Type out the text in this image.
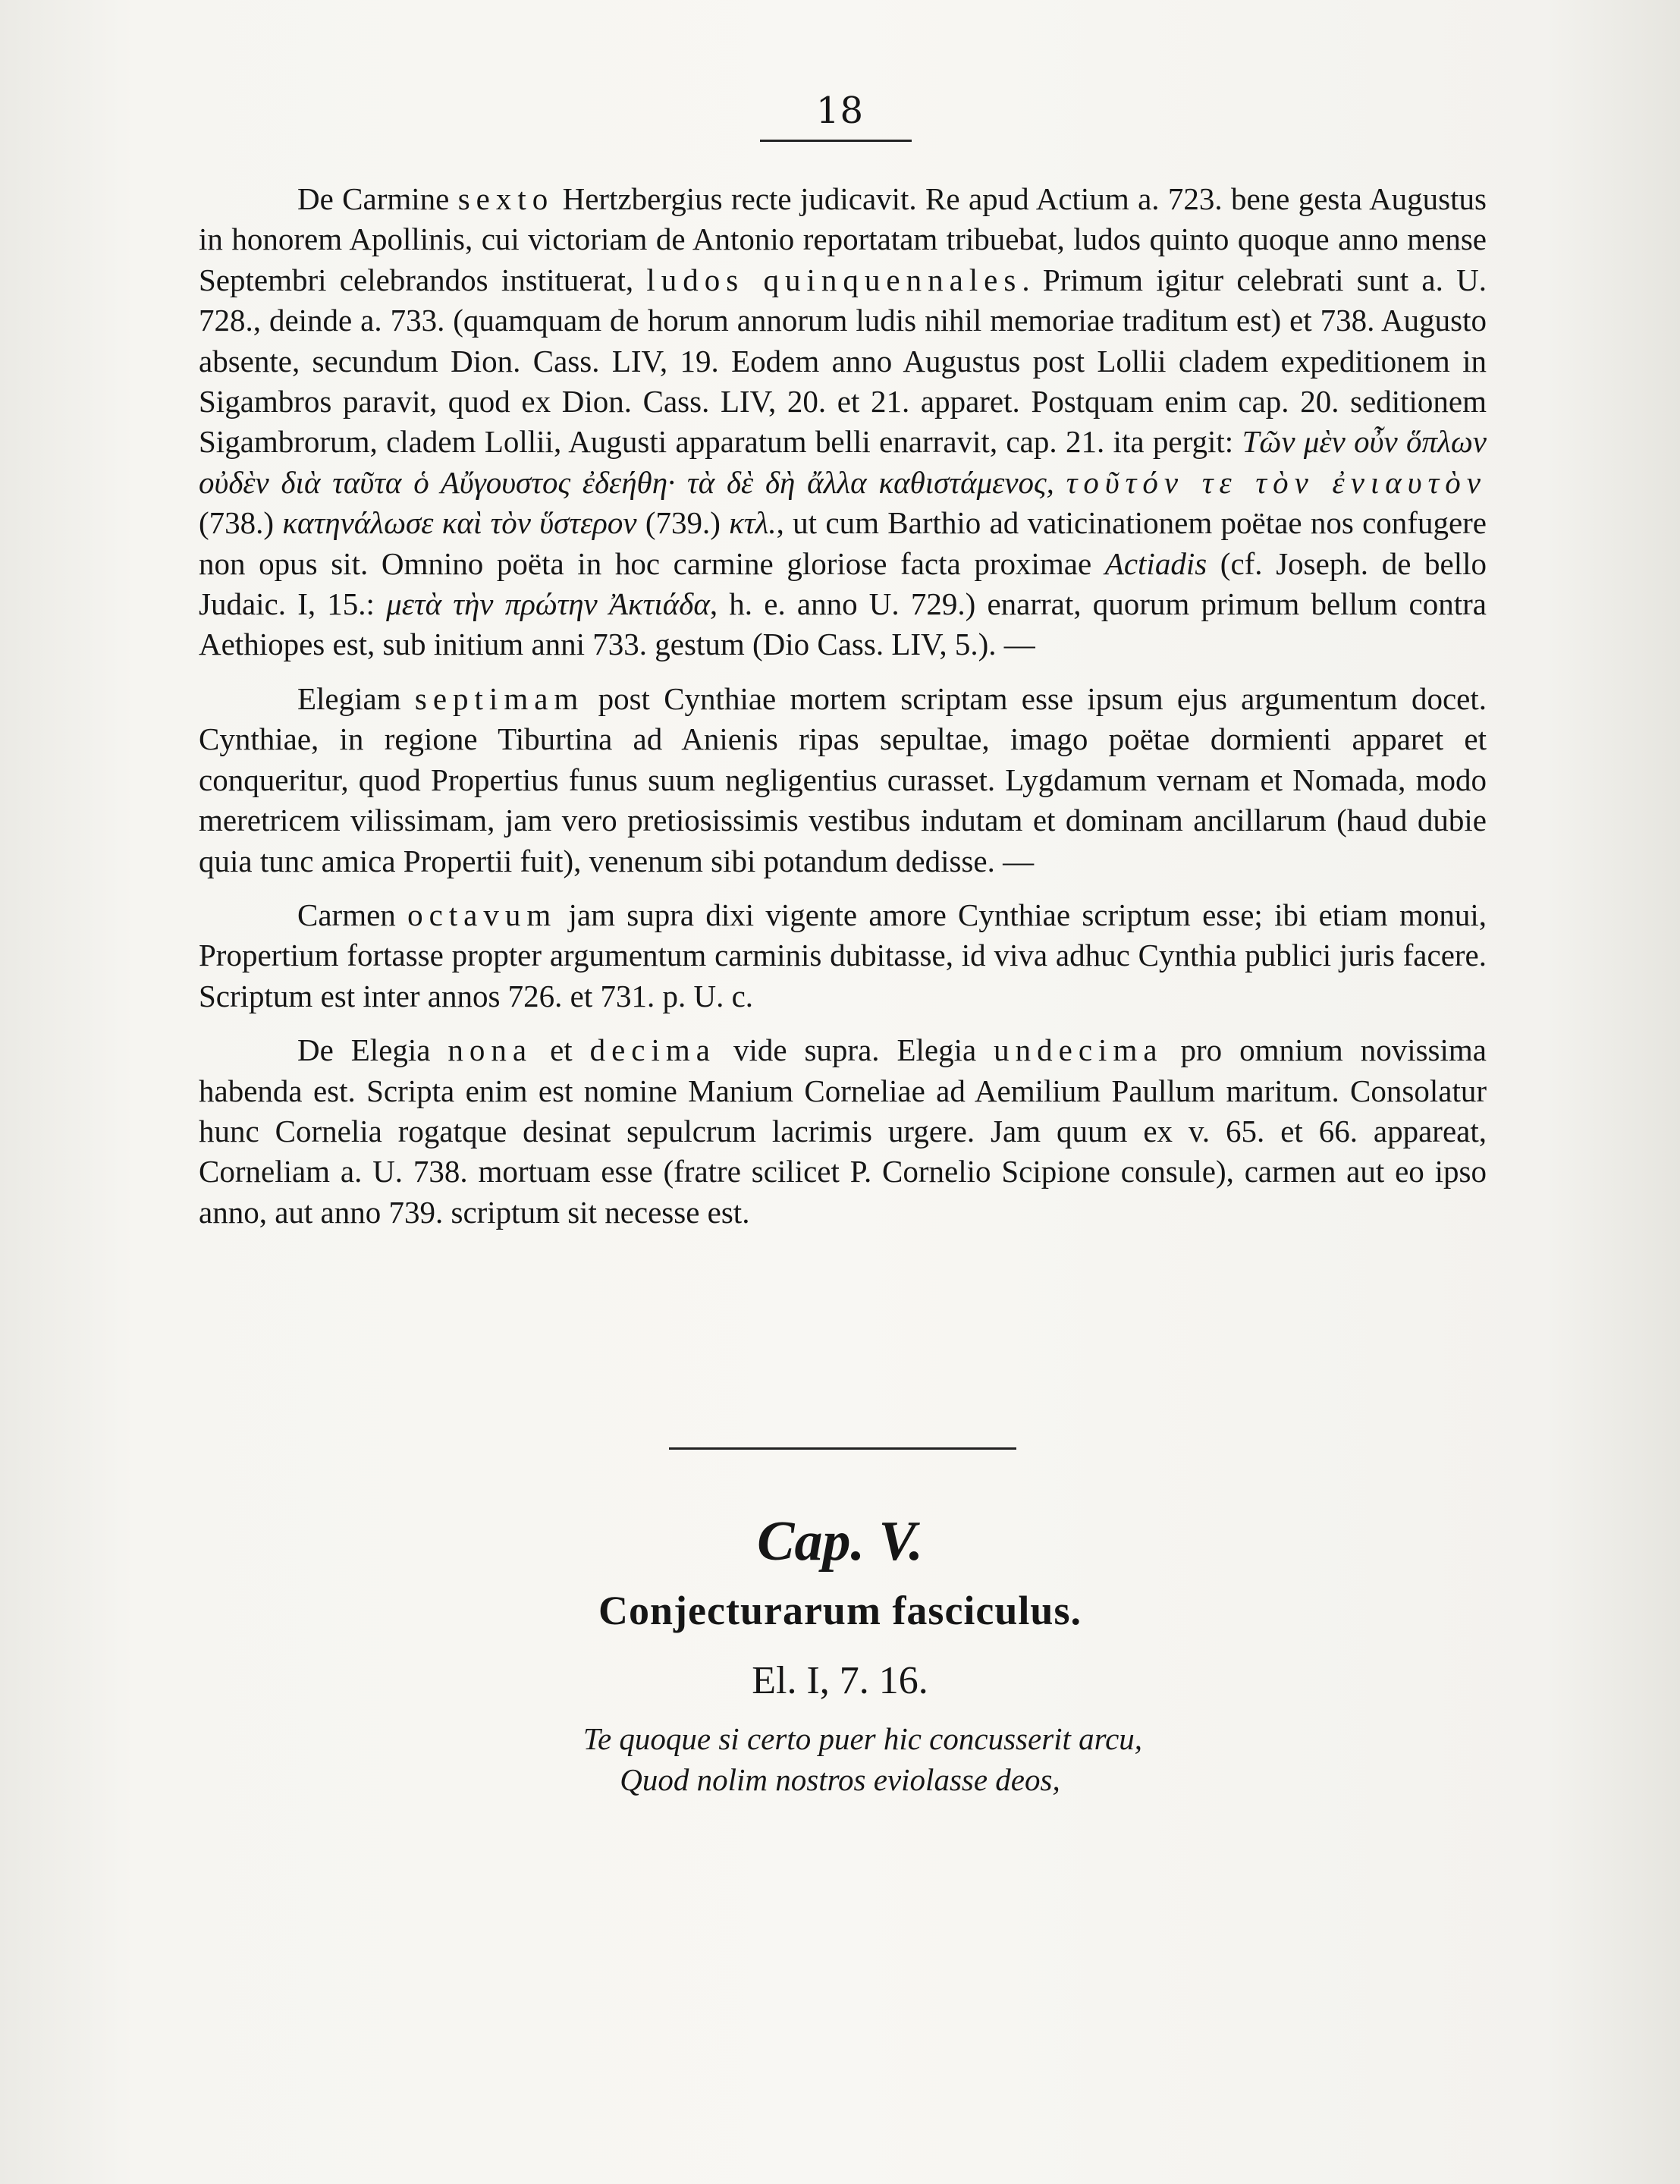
18

De Carmine sexto Hertzbergius recte judicavit. Re apud Actium a. 723. bene gesta Augustus in honorem Apollinis, cui victoriam de Antonio reportatam tribuebat, ludos quinto quoque anno mense Septembri celebrandos instituerat, ludos quinquennales. Primum igitur celebrati sunt a. U. 728., deinde a. 733. (quamquam de horum annorum ludis nihil memoriae traditum est) et 738. Augusto absente, secundum Dion. Cass. LIV, 19. Eodem anno Augustus post Lollii cladem expeditionem in Sigambros paravit, quod ex Dion. Cass. LIV, 20. et 21. apparet. Postquam enim cap. 20. seditionem Sigambrorum, cladem Lollii, Augusti apparatum belli enarravit, cap. 21. ita pergit: Τῶν μὲν οὖν ὅπλων οὐδὲν διὰ ταῦτα ὁ Αὔγουστος ἐδεήθη· τὰ δὲ δὴ ἄλλα καθιστάμενος, τοῦτόν τε τὸν ἐνιαυτὸν (738.) κατηνάλωσε καὶ τὸν ὕστερον (739.) κτλ., ut cum Barthio ad vaticinationem poëtae nos confugere non opus sit. Omnino poëta in hoc carmine gloriose facta proximae Actiadis (cf. Joseph. de bello Judaic. I, 15.: μετὰ τὴν πρώτην Ἀκτιάδα, h. e. anno U. 729.) enarrat, quorum primum bellum contra Aethiopes est, sub initium anni 733. gestum (Dio Cass. LIV, 5.). —

Elegiam septimam post Cynthiae mortem scriptam esse ipsum ejus argumentum docet. Cynthiae, in regione Tiburtina ad Anienis ripas sepultae, imago poëtae dormienti apparet et conqueritur, quod Propertius funus suum negligentius curasset. Lygdamum vernam et Nomada, modo meretricem vilissimam, jam vero pretiosissimis vestibus indutam et dominam ancillarum (haud dubie quia tunc amica Propertii fuit), venenum sibi potandum dedisse. —

Carmen octavum jam supra dixi vigente amore Cynthiae scriptum esse; ibi etiam monui, Propertium fortasse propter argumentum carminis dubitasse, id viva adhuc Cynthia publici juris facere. Scriptum est inter annos 726. et 731. p. U. c.

De Elegia nona et decima vide supra. Elegia undecima pro omnium novissima habenda est. Scripta enim est nomine Manium Corneliae ad Aemilium Paullum maritum. Consolatur hunc Cornelia rogatque desinat sepulcrum lacrimis urgere. Jam quum ex v. 65. et 66. appareat, Corneliam a. U. 738. mortuam esse (fratre scilicet P. Cornelio Scipione consule), carmen aut eo ipso anno, aut anno 739. scriptum sit necesse est.

Cap. V.
Conjecturarum fasciculus.
El. I, 7. 16.
Te quoque si certo puer hic concusserit arcu,
Quod nolim nostros eviolasse deos,
